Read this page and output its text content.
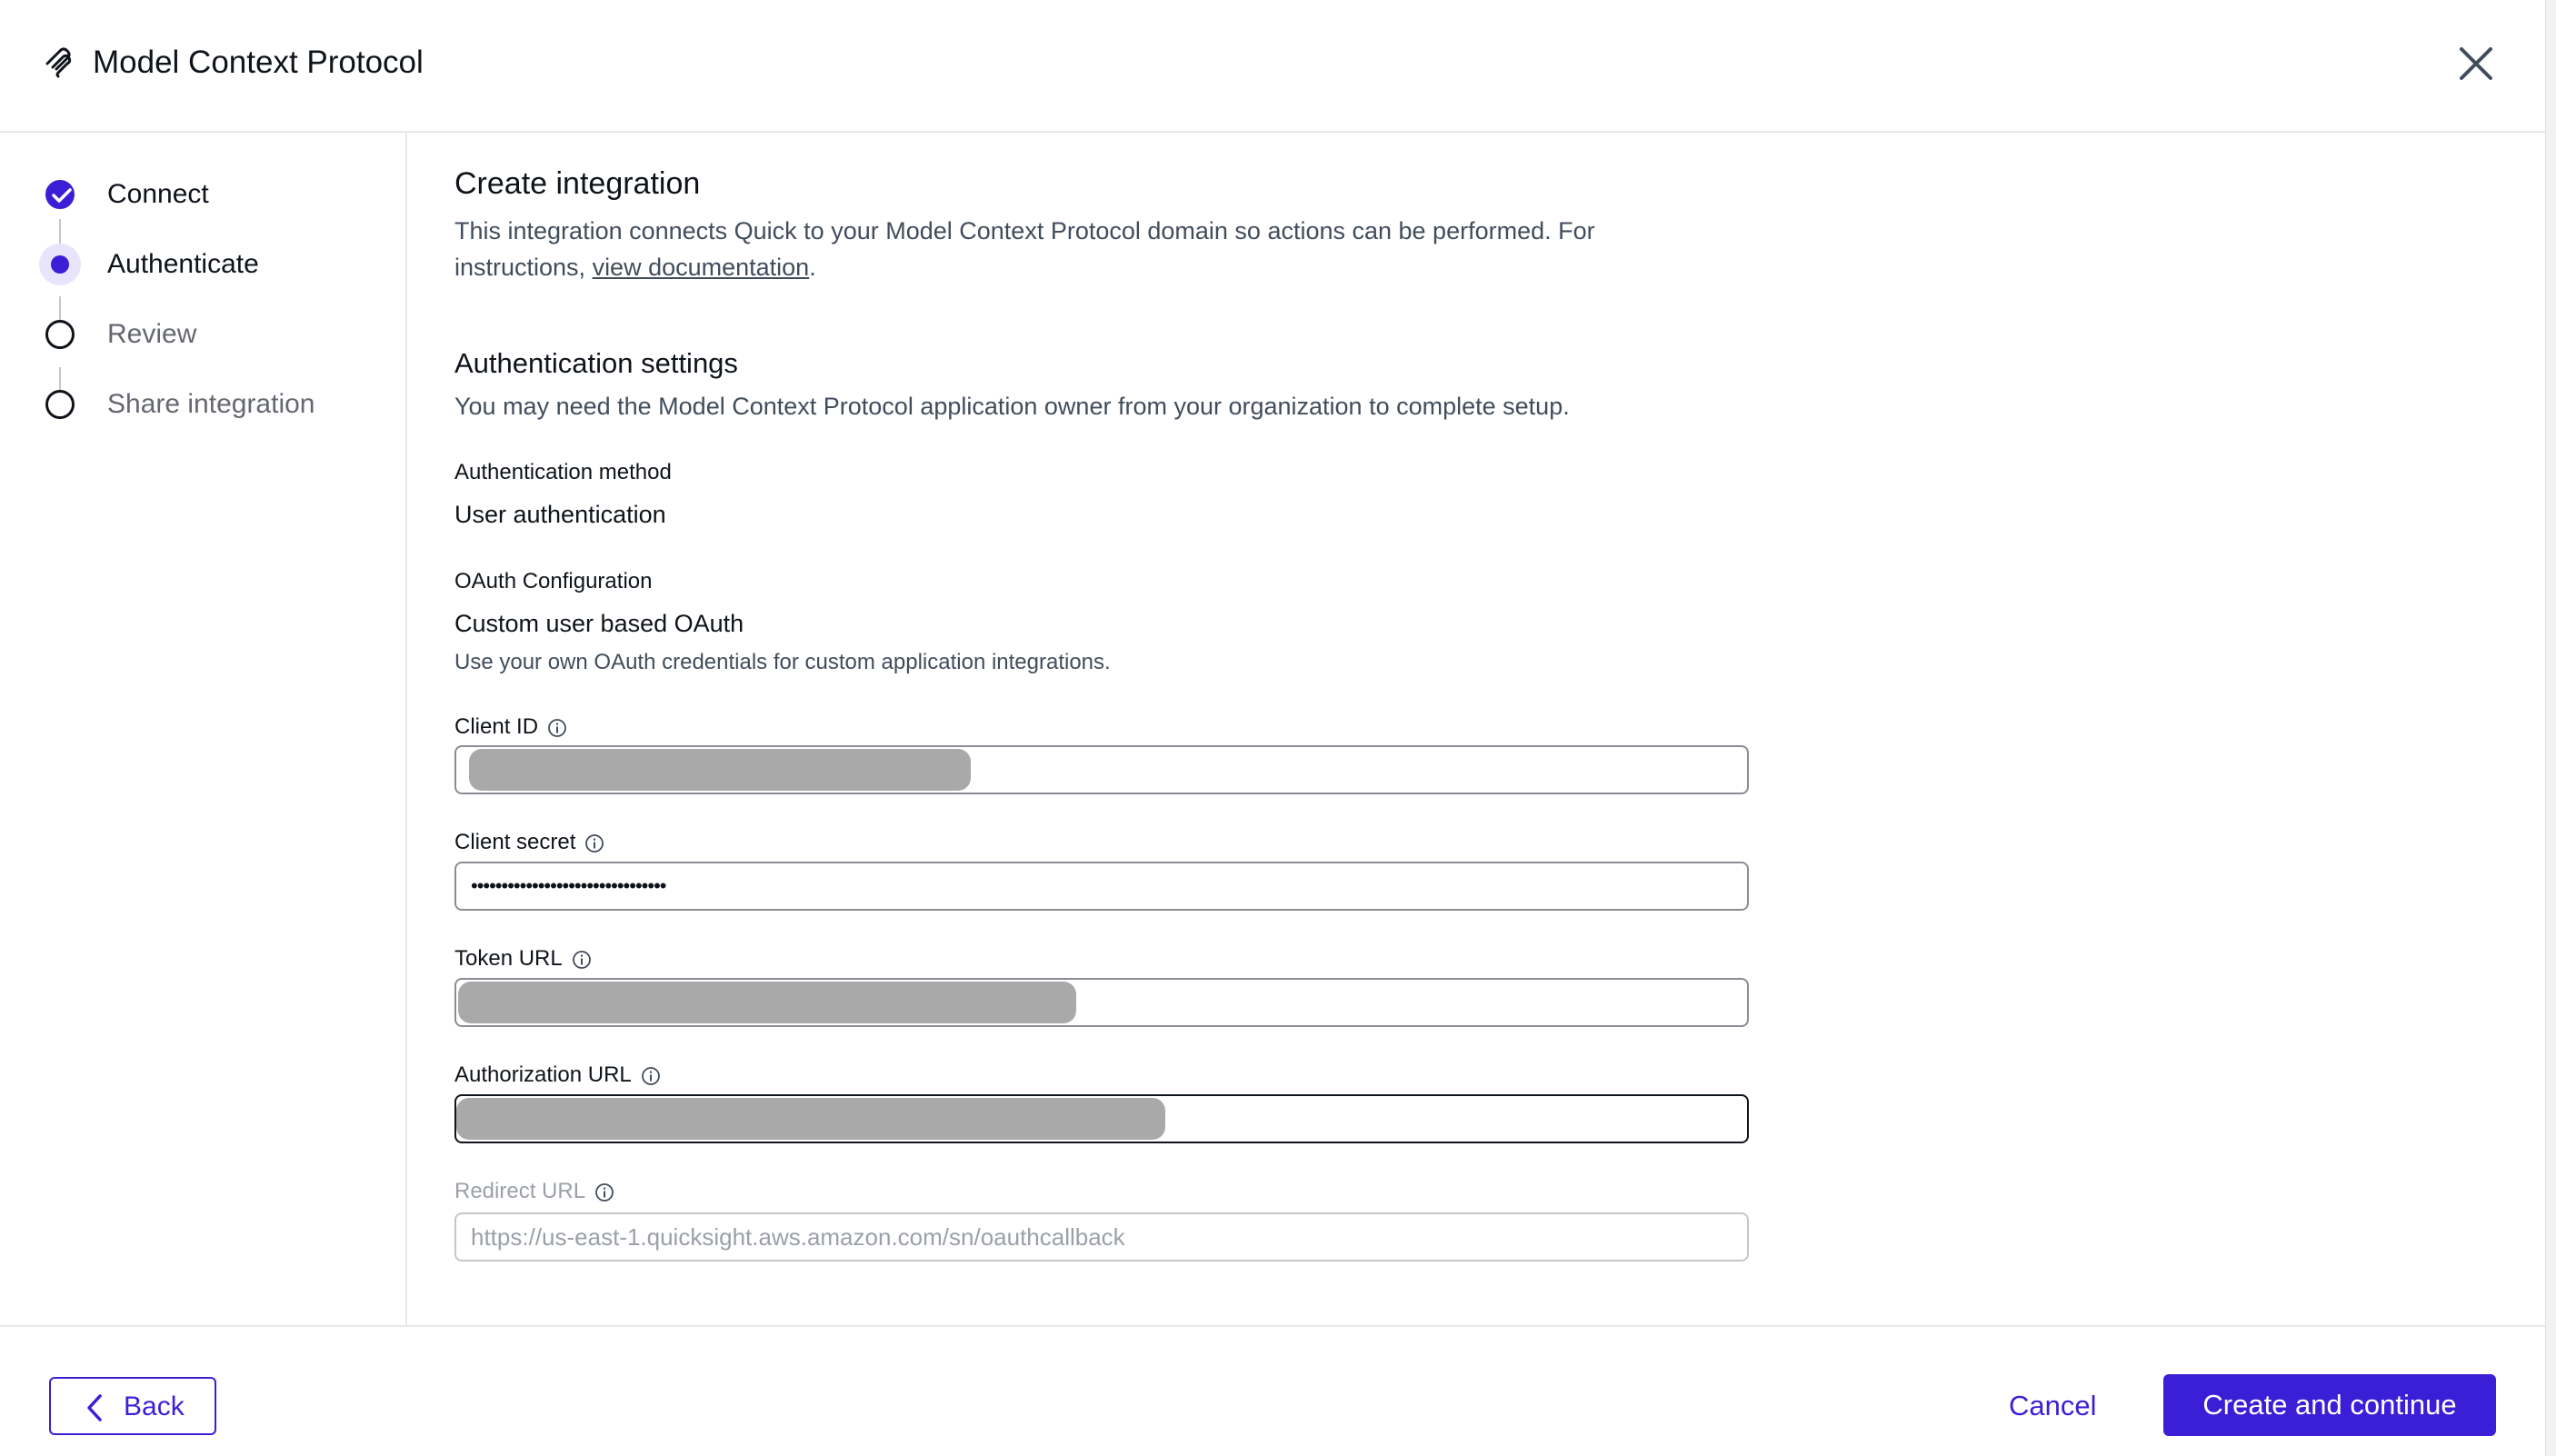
Model Context Protocol
Connect
Authenticate
Review
Share integration
Create integration
This integration connects Quick to your Model Context Protocol domain so actions can be performed. For instructions, view documentation.
Authentication settings
You may need the Model Context Protocol application owner from your organization to complete setup.
Authentication method
User authentication
OAuth Configuration
Custom user based OAuth
Use your own OAuth credentials for custom application integrations.
Client ID
Client secret
••••••••••••••••••••••••••••••••
Token URL
Authorization URL
Redirect URL
https://us-east-1.quicksight.aws.amazon.com/sn/oauthcallback
Back	Cancel	Create and continue
